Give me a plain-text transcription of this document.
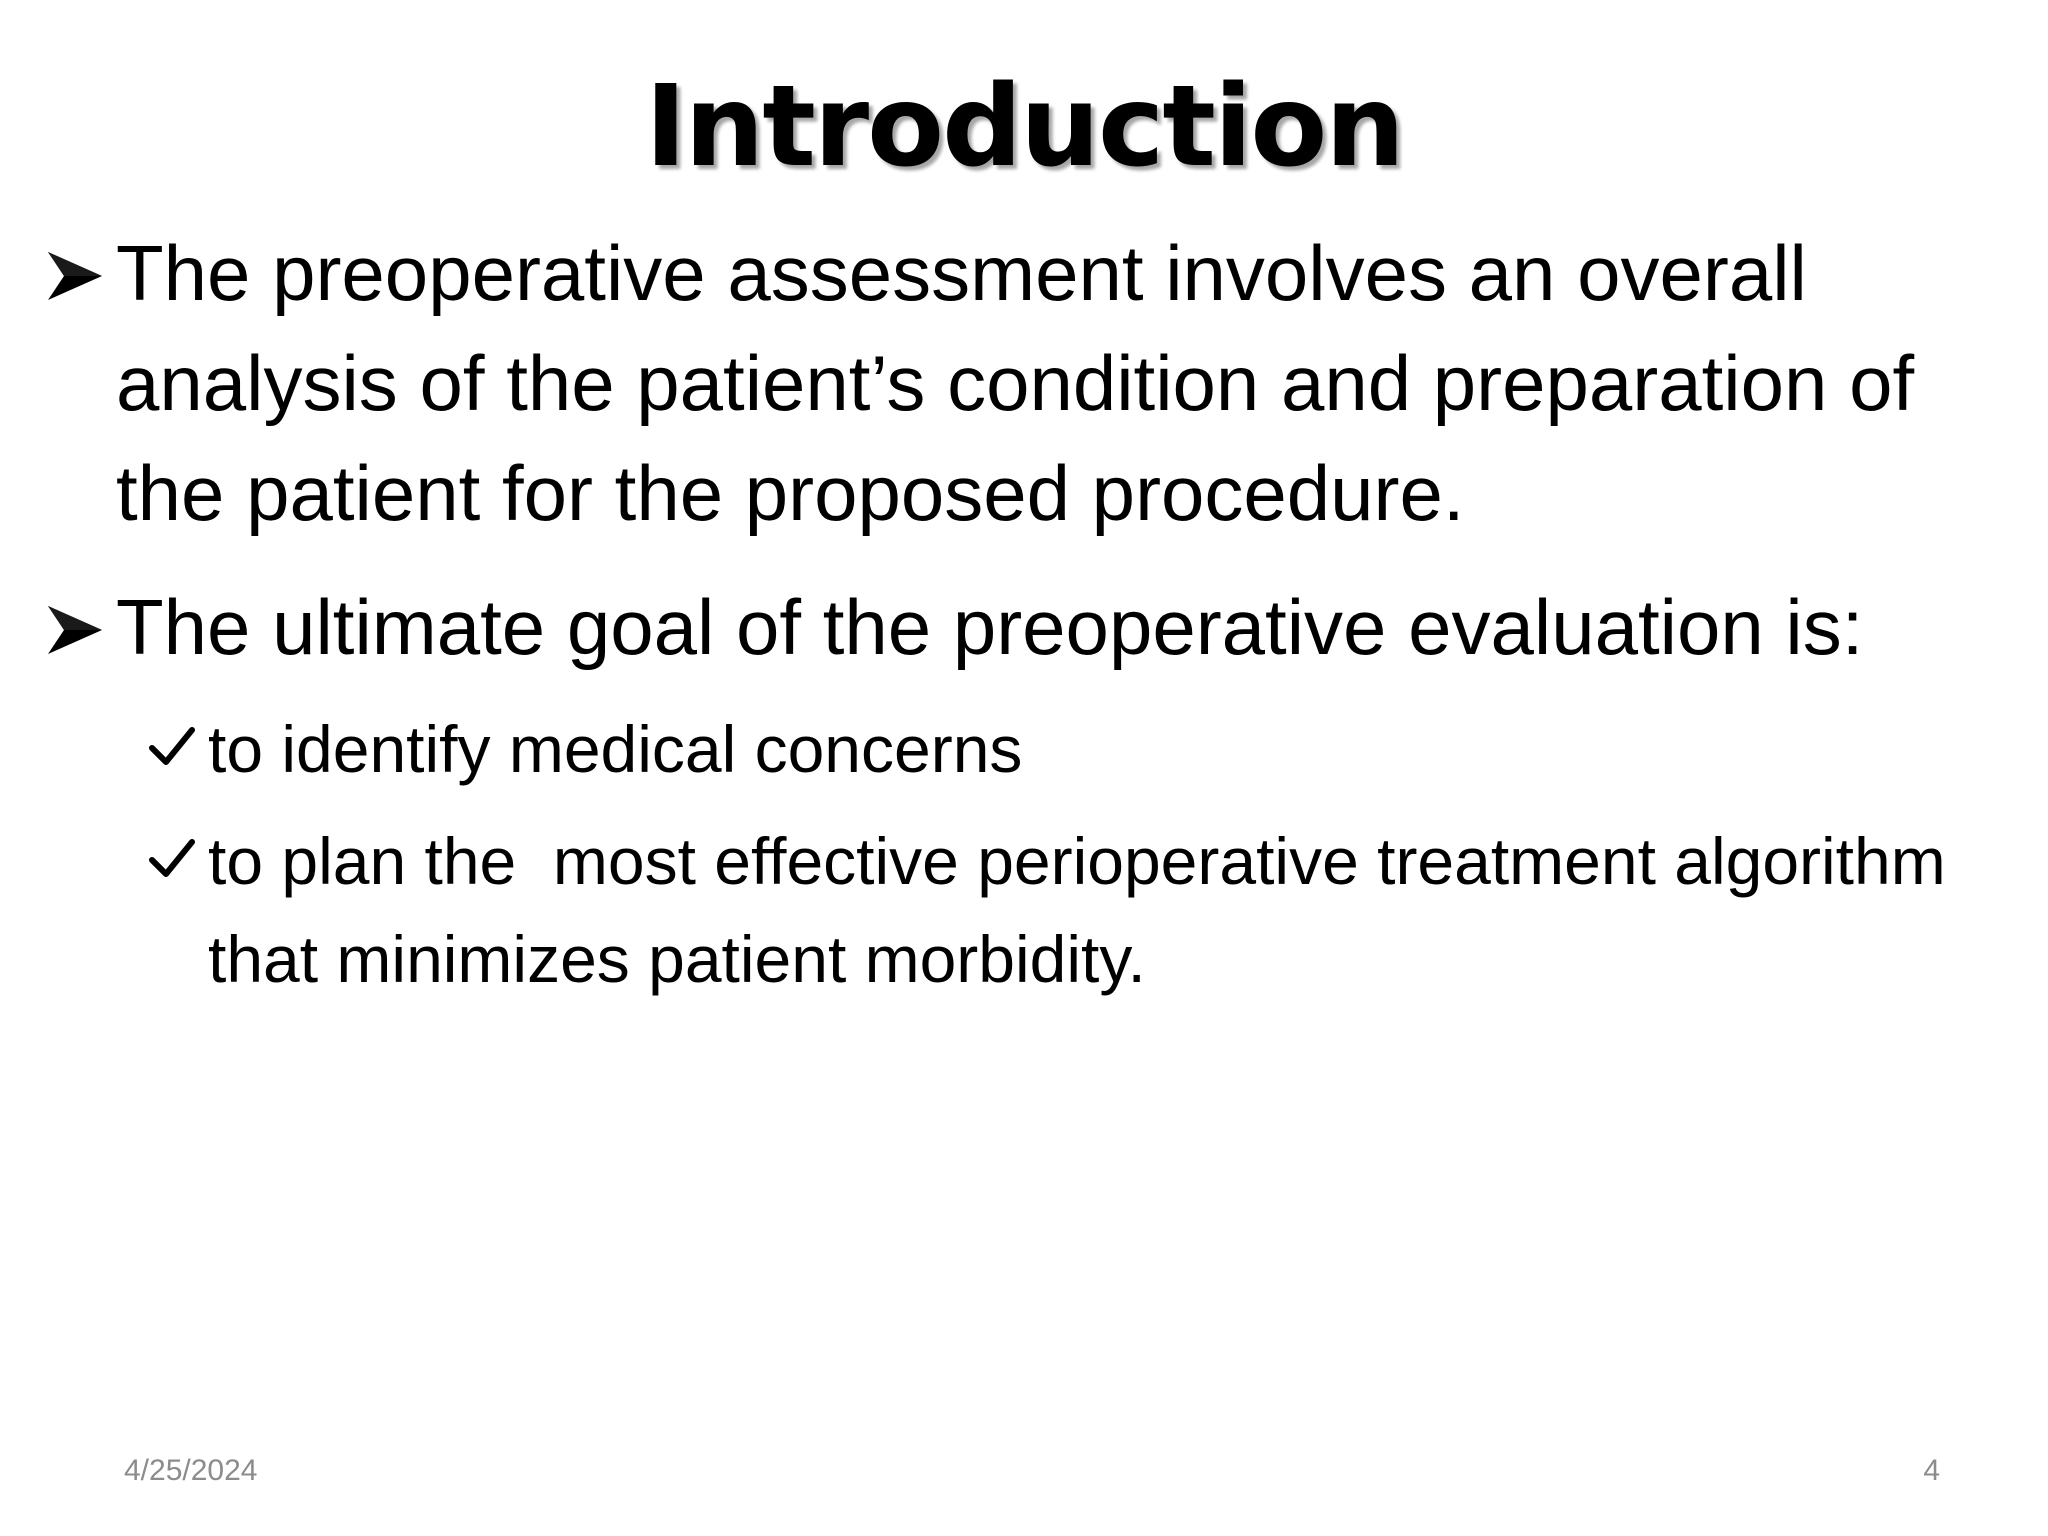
Introduction
The preoperative assessment involves an overall analysis of the patient’s condition and preparation of the patient for the proposed procedure.
The ultimate goal of the preoperative evaluation is:
to identify medical concerns
to plan the  most effective perioperative treatment algorithm that minimizes patient morbidity.
4/25/2024	4
